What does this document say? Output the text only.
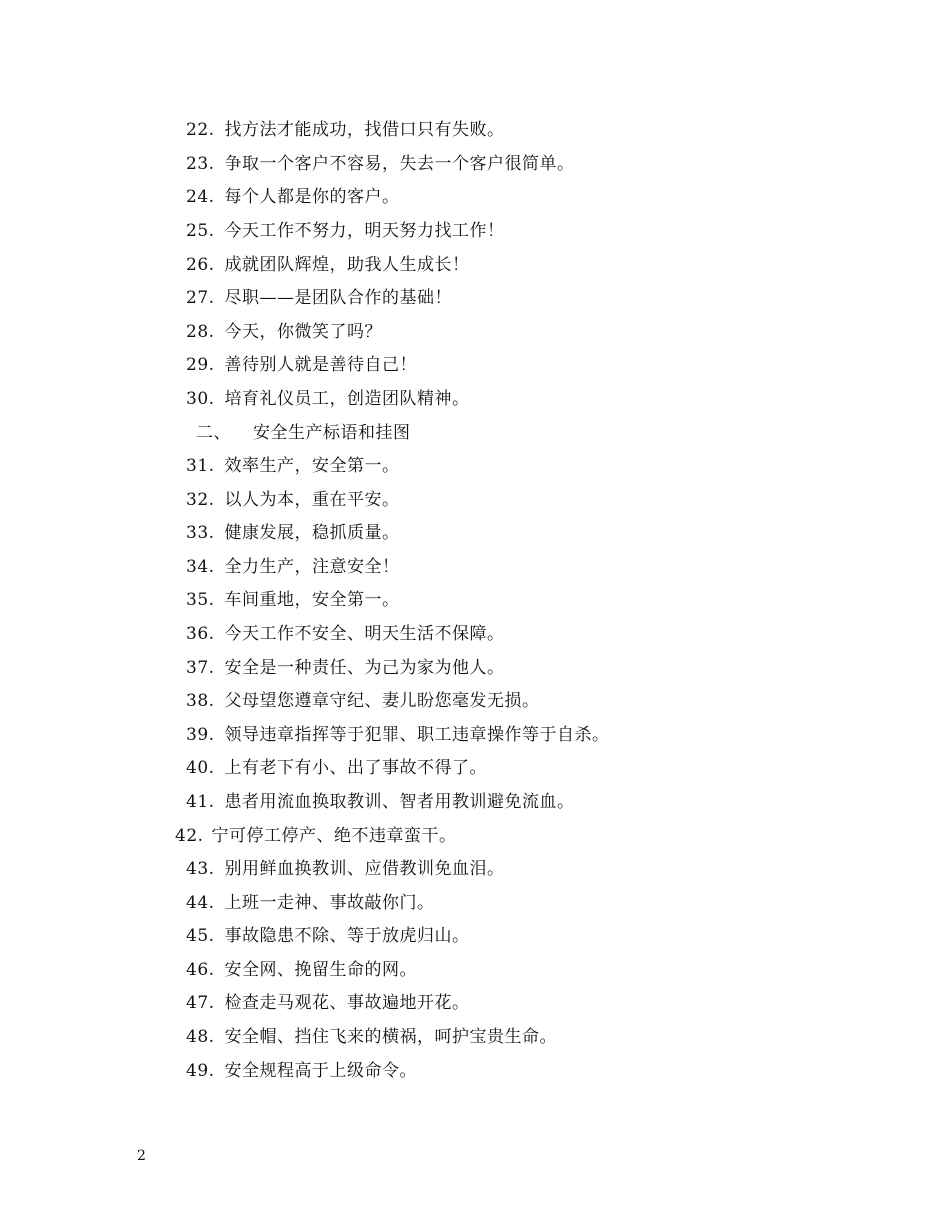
22. 找方法才能成功，找借口只有失败。
23. 争取一个客户不容易，失去一个客户很简单。
24. 每个人都是你的客户。
25. 今天工作不努力，明天努力找工作！
26. 成就团队辉煌，助我人生成长！
27. 尽职——是团队合作的基础！
28. 今天，你微笑了吗？
29. 善待别人就是善待自己！
30. 培育礼仪员工，创造团队精神。
二、 安全生产标语和挂图
31. 效率生产，安全第一。
32. 以人为本，重在平安。
33. 健康发展，稳抓质量。
34. 全力生产，注意安全！
35. 车间重地，安全第一。
36. 今天工作不安全、明天生活不保障。
37. 安全是一种责任、为己为家为他人。
38. 父母望您遵章守纪、妻儿盼您毫发无损。
39. 领导违章指挥等于犯罪、职工违章操作等于自杀。
40. 上有老下有小、出了事故不得了。
41. 患者用流血换取教训、智者用教训避免流血。
42. 宁可停工停产、绝不违章蛮干。
43. 别用鲜血换教训、应借教训免血泪。
44. 上班一走神、事故敲你门。
45. 事故隐患不除、等于放虎归山。
46. 安全网、挽留生命的网。
47. 检查走马观花、事故遍地开花。
48. 安全帽、挡住飞来的横祸，呵护宝贵生命。
49. 安全规程高于上级命令。
2
